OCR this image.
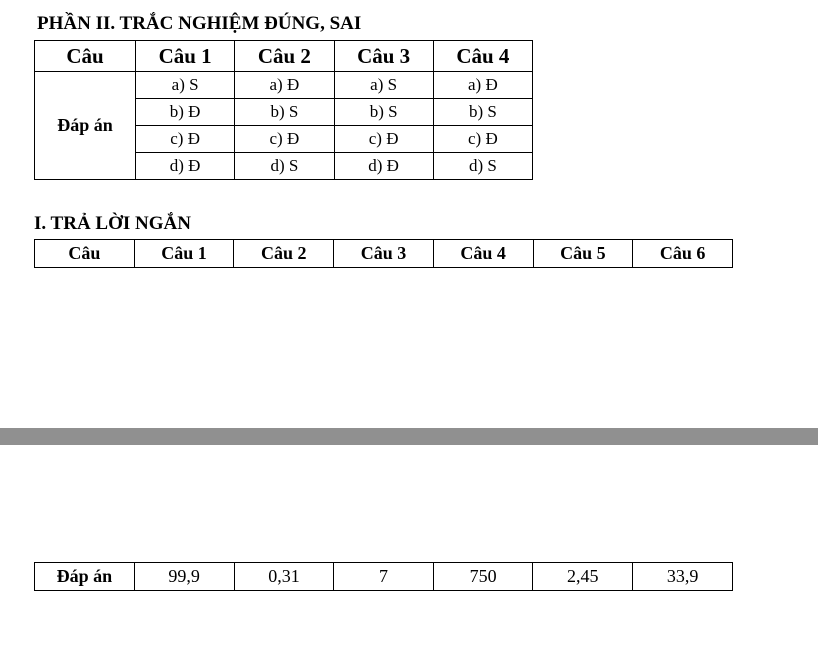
PHẦN II. TRẮC NGHIỆM ĐÚNG, SAI
Câu	Câu 1	Câu 2	Câu 3	Câu 4
Đáp án	a) S	a) Đ	a) S	a) Đ
	b) Đ	b) S	b) S	b) S
	c) Đ	c) Đ	c) Đ	c) Đ
	d) Đ	d) S	d) Đ	d) S
I. TRẢ LỜI NGẮN
Câu	Câu 1	Câu 2	Câu 3	Câu 4	Câu 5	Câu 6
Đáp án	99,9	0,31	7	750	2,45	33,9
